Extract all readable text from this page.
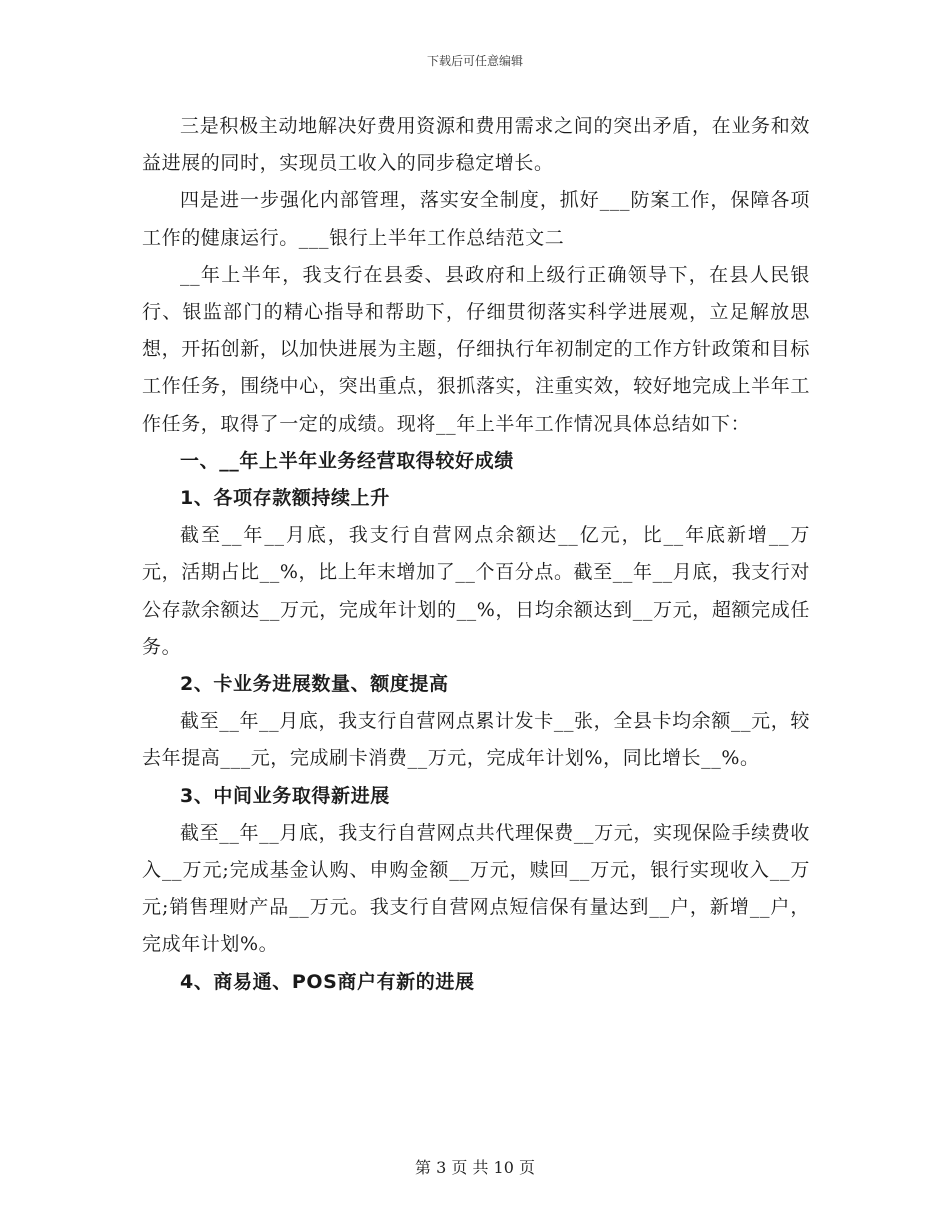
下载后可任意编辑

三是积极主动地解决好费用资源和费用需求之间的突出矛盾，在业务和效益进展的同时，实现员工收入的同步稳定增长。

四是进一步强化内部管理，落实安全制度，抓好___防案工作，保障各项工作的健康运行。___银行上半年工作总结范文二

__年上半年，我支行在县委、县政府和上级行正确领导下，在县人民银行、银监部门的精心指导和帮助下，仔细贯彻落实科学进展观，立足解放思想，开拓创新，以加快进展为主题，仔细执行年初制定的工作方针政策和目标工作任务，围绕中心，突出重点，狠抓落实，注重实效，较好地完成上半年工作任务，取得了一定的成绩。现将__年上半年工作情况具体总结如下：

一、__年上半年业务经营取得较好成绩

1、各项存款额持续上升

截至__年__月底，我支行自营网点余额达__亿元，比__年底新增__万元，活期占比__%，比上年末增加了__个百分点。截至__年__月底，我支行对公存款余额达__万元，完成年计划的__%，日均余额达到__万元，超额完成任务。

2、卡业务进展数量、额度提高

截至__年__月底，我支行自营网点累计发卡__张，全县卡均余额__元，较去年提高___元，完成刷卡消费__万元，完成年计划%，同比增长__%。

3、中间业务取得新进展

截至__年__月底，我支行自营网点共代理保费__万元，实现保险手续费收入__万元;完成基金认购、申购金额__万元，赎回__万元，银行实现收入__万元;销售理财产品__万元。我支行自营网点短信保有量达到__户，新增__户，完成年计划%。

4、商易通、POS商户有新的进展

第 3 页 共 10 页
